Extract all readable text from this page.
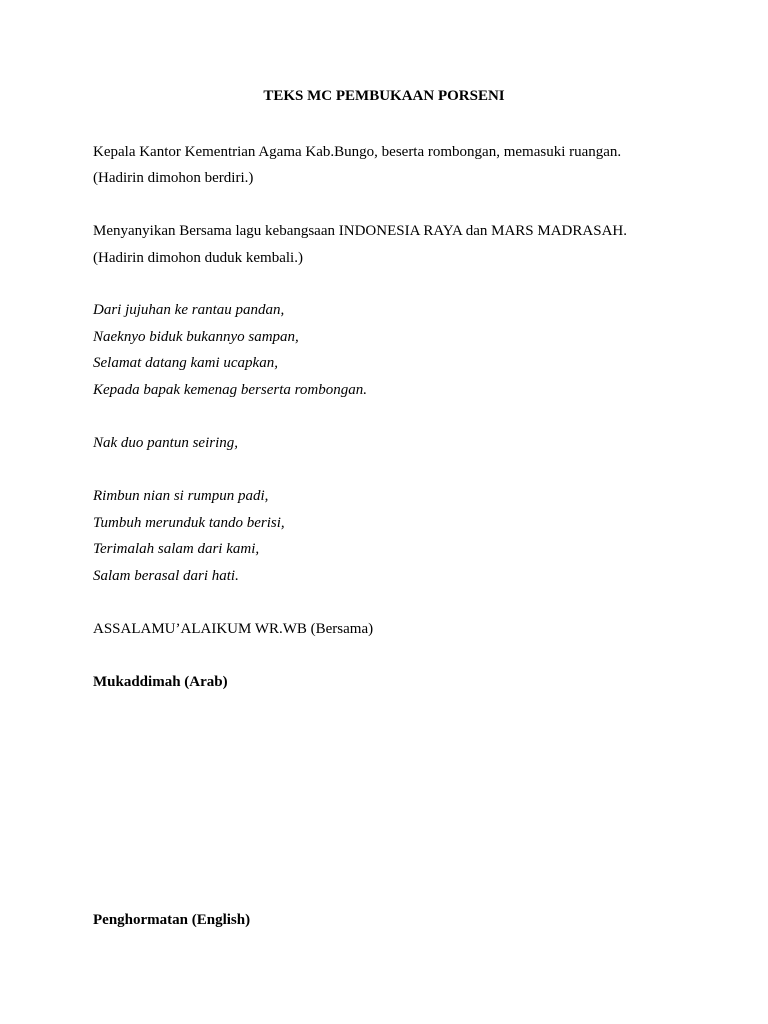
TEKS MC PEMBUKAAN PORSENI
Kepala Kantor Kementrian Agama Kab.Bungo, beserta rombongan, memasuki ruangan.
(Hadirin dimohon berdiri.)
Menyanyikan Bersama lagu kebangsaan INDONESIA RAYA dan MARS MADRASAH.
(Hadirin dimohon duduk kembali.)
Dari jujuhan ke rantau pandan,
Naeknyo biduk bukannyo sampan,
Selamat datang kami ucapkan,
Kepada bapak kemenag berserta rombongan.
Nak duo pantun seiring,
Rimbun nian si rumpun padi,
Tumbuh merunduk tando berisi,
Terimalah salam dari kami,
Salam berasal dari hati.
ASSALAMU’ALAIKUM WR.WB (Bersama)
Mukaddimah (Arab)
Penghormatan (English)
